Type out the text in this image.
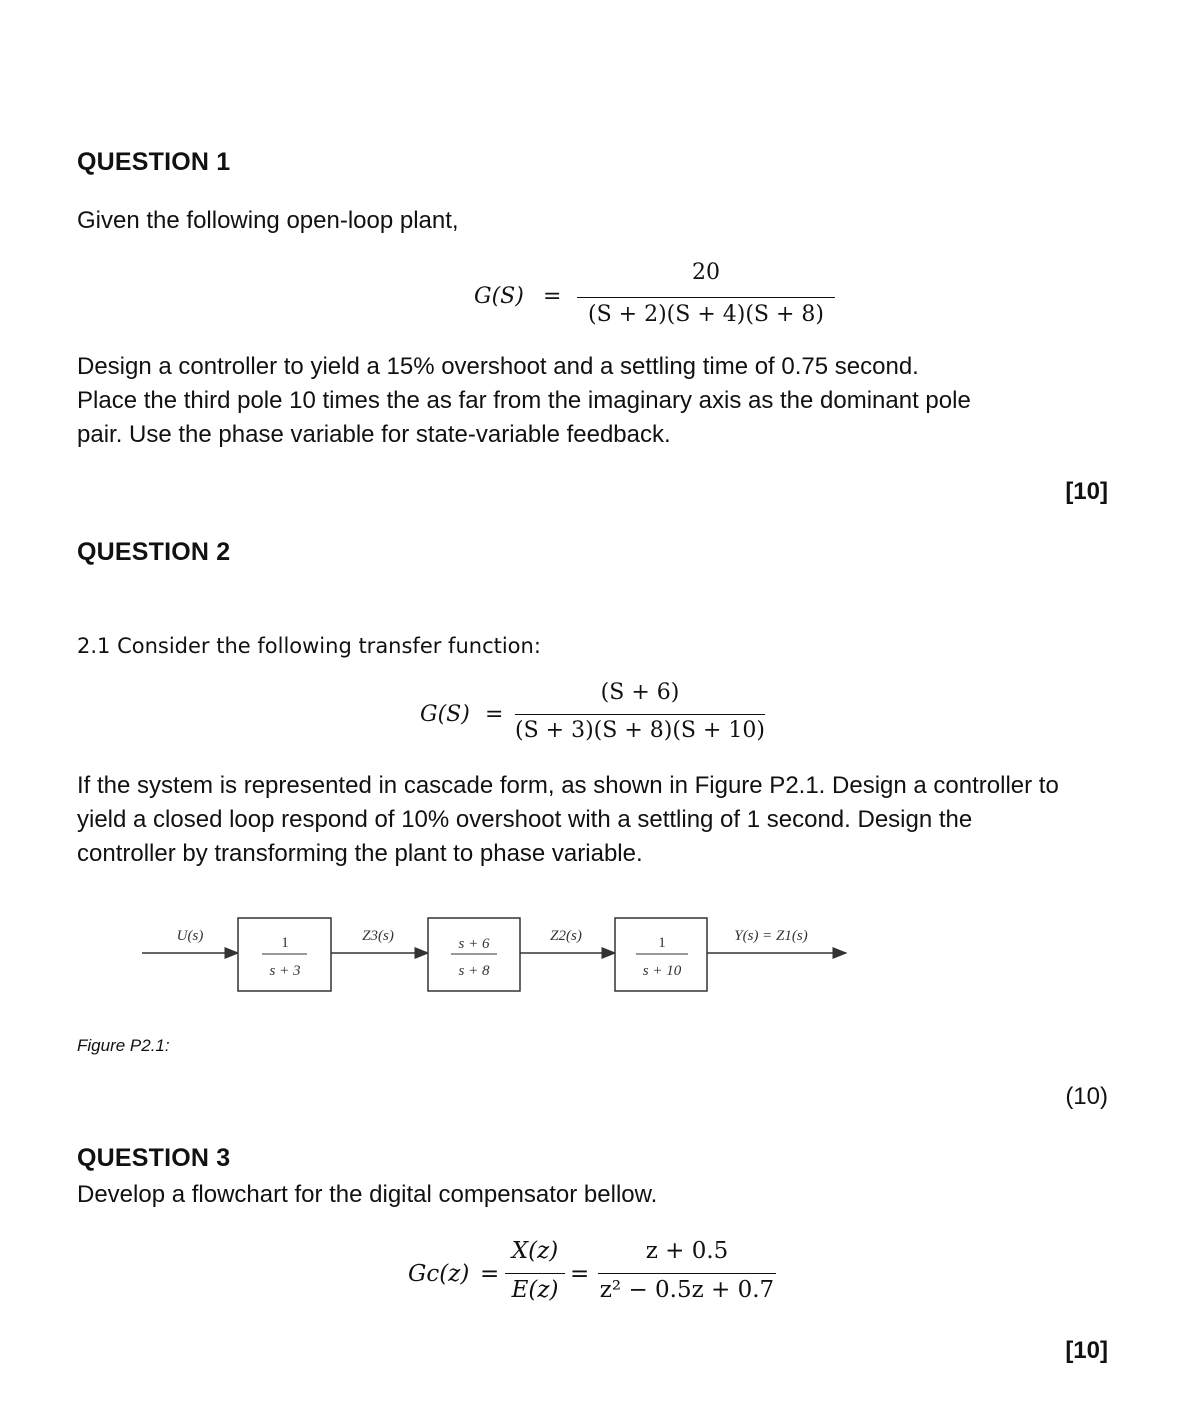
QUESTION 1
Given the following open-loop plant,
G(S) =
20
(S + 2)(S + 4)(S + 8)
Design a controller to yield a 15% overshoot and a settling time of 0.75 second.
Place the third pole 10 times the as far from the imaginary axis as the dominant pole
pair. Use the phase variable for state-variable feedback.
[10]
QUESTION 2
2.1 Consider the following transfer function:
G(S) =
(S + 6)
(S + 3)(S + 8)(S + 10)
If the system is represented in cascade form, as shown in Figure P2.1. Design a controller to
yield a closed loop respond of 10% overshoot with a settling of 1 second. Design the
controller by transforming the plant to phase variable.
1
s + 3
s + 6
s + 8
1
s + 10
U(s)	Z3(s)	Z2(s)	Y(s) = Z1(s)
Figure P2.1:
(10)
QUESTION 3
Develop a flowchart for the digital compensator bellow.
Gc(z) =
X(z)
E(z)
=
z + 0.5
z² − 0.5z + 0.7
[10]
